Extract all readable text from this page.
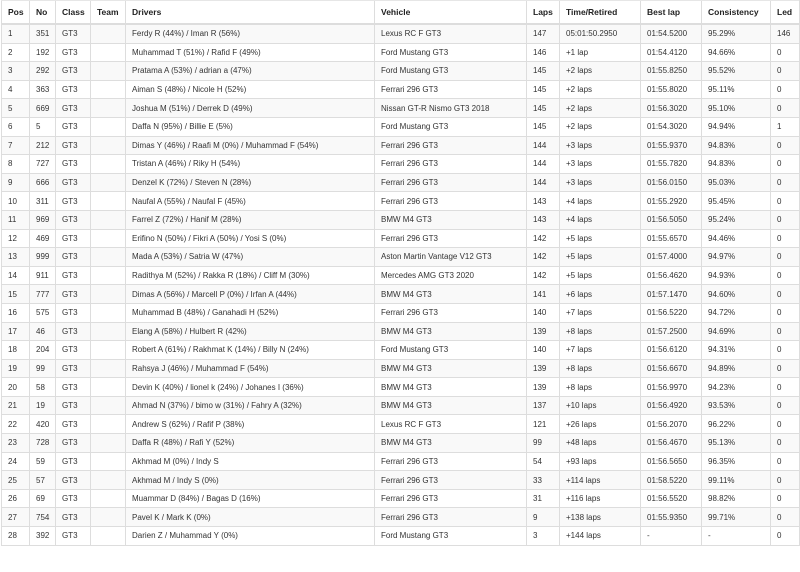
Pos	No	Class	Team	Drivers	Vehicle	Laps	Time/Retired	Best lap	Consistency	Led
1	351	GT3		Ferdy R (44%) / Iman R (56%)	Lexus RC F GT3	147	05:01:50.2950	01:54.5200	95.29%	146
2	192	GT3		Muhammad T (51%) / Rafid F (49%)	Ford Mustang GT3	146	+1 lap	01:54.4120	94.66%	0
3	292	GT3		Pratama A (53%) / adrian a (47%)	Ford Mustang GT3	145	+2 laps	01:55.8250	95.52%	0
4	363	GT3		Aiman S (48%) / Nicole H (52%)	Ferrari 296 GT3	145	+2 laps	01:55.8020	95.11%	0
5	669	GT3		Joshua M (51%) / Derrek D (49%)	Nissan GT-R Nismo GT3 2018	145	+2 laps	01:56.3020	95.10%	0
6	5	GT3		Daffa N (95%) / Billie E (5%)	Ford Mustang GT3	145	+2 laps	01:54.3020	94.94%	1
7	212	GT3		Dimas Y (46%) / Raafi M (0%) / Muhammad F (54%)	Ferrari 296 GT3	144	+3 laps	01:55.9370	94.83%	0
8	727	GT3		Tristan A (46%) / Riky H (54%)	Ferrari 296 GT3	144	+3 laps	01:55.7820	94.83%	0
9	666	GT3		Denzel K (72%) / Steven N (28%)	Ferrari 296 GT3	144	+3 laps	01:56.0150	95.03%	0
10	311	GT3		Naufal A (55%) / Naufal F (45%)	Ferrari 296 GT3	143	+4 laps	01:55.2920	95.45%	0
11	969	GT3		Farrel Z (72%) / Hanif M (28%)	BMW M4 GT3	143	+4 laps	01:56.5050	95.24%	0
12	469	GT3		Erifino N (50%) / Fikri A (50%) / Yosi S (0%)	Ferrari 296 GT3	142	+5 laps	01:55.6570	94.46%	0
13	999	GT3		Mada A (53%) / Satria W (47%)	Aston Martin Vantage V12 GT3	142	+5 laps	01:57.4000	94.97%	0
14	911	GT3		Radithya M (52%) / Rakka R (18%) / Cliff M (30%)	Mercedes AMG GT3 2020	142	+5 laps	01:56.4620	94.93%	0
15	777	GT3		Dimas A (56%) / Marcell P (0%) / Irfan A (44%)	BMW M4 GT3	141	+6 laps	01:57.1470	94.60%	0
16	575	GT3		Muhammad B (48%) / Ganahadi H (52%)	Ferrari 296 GT3	140	+7 laps	01:56.5220	94.72%	0
17	46	GT3		Elang A (58%) / Hulbert R (42%)	BMW M4 GT3	139	+8 laps	01:57.2500	94.69%	0
18	204	GT3		Robert A (61%) / Rakhmat K (14%) / Billy N (24%)	Ford Mustang GT3	140	+7 laps	01:56.6120	94.31%	0
19	99	GT3		Rahsya J (46%) / Muhammad F (54%)	BMW M4 GT3	139	+8 laps	01:56.6670	94.89%	0
20	58	GT3		Devin K (40%) / lionel k (24%) / Johanes I (36%)	BMW M4 GT3	139	+8 laps	01:56.9970	94.23%	0
21	19	GT3		Ahmad N (37%) / bimo w (31%) / Fahry A (32%)	BMW M4 GT3	137	+10 laps	01:56.4920	93.53%	0
22	420	GT3		Andrew S (62%) / Rafif P (38%)	Lexus RC F GT3	121	+26 laps	01:56.2070	96.22%	0
23	728	GT3		Daffa R (48%) / Rafi Y (52%)	BMW M4 GT3	99	+48 laps	01:56.4670	95.13%	0
24	59	GT3		Akhmad M (0%) / Indy S	Ferrari 296 GT3	54	+93 laps	01:56.5650	96.35%	0
25	57	GT3		Akhmad M / Indy S (0%)	Ferrari 296 GT3	33	+114 laps	01:58.5220	99.11%	0
26	69	GT3		Muammar D (84%) / Bagas D (16%)	Ferrari 296 GT3	31	+116 laps	01:56.5520	98.82%	0
27	754	GT3		Pavel K / Mark K (0%)	Ferrari 296 GT3	9	+138 laps	01:55.9350	99.71%	0
28	392	GT3		Darien Z / Muhammad Y (0%)	Ford Mustang GT3	3	+144 laps	-	-	0
